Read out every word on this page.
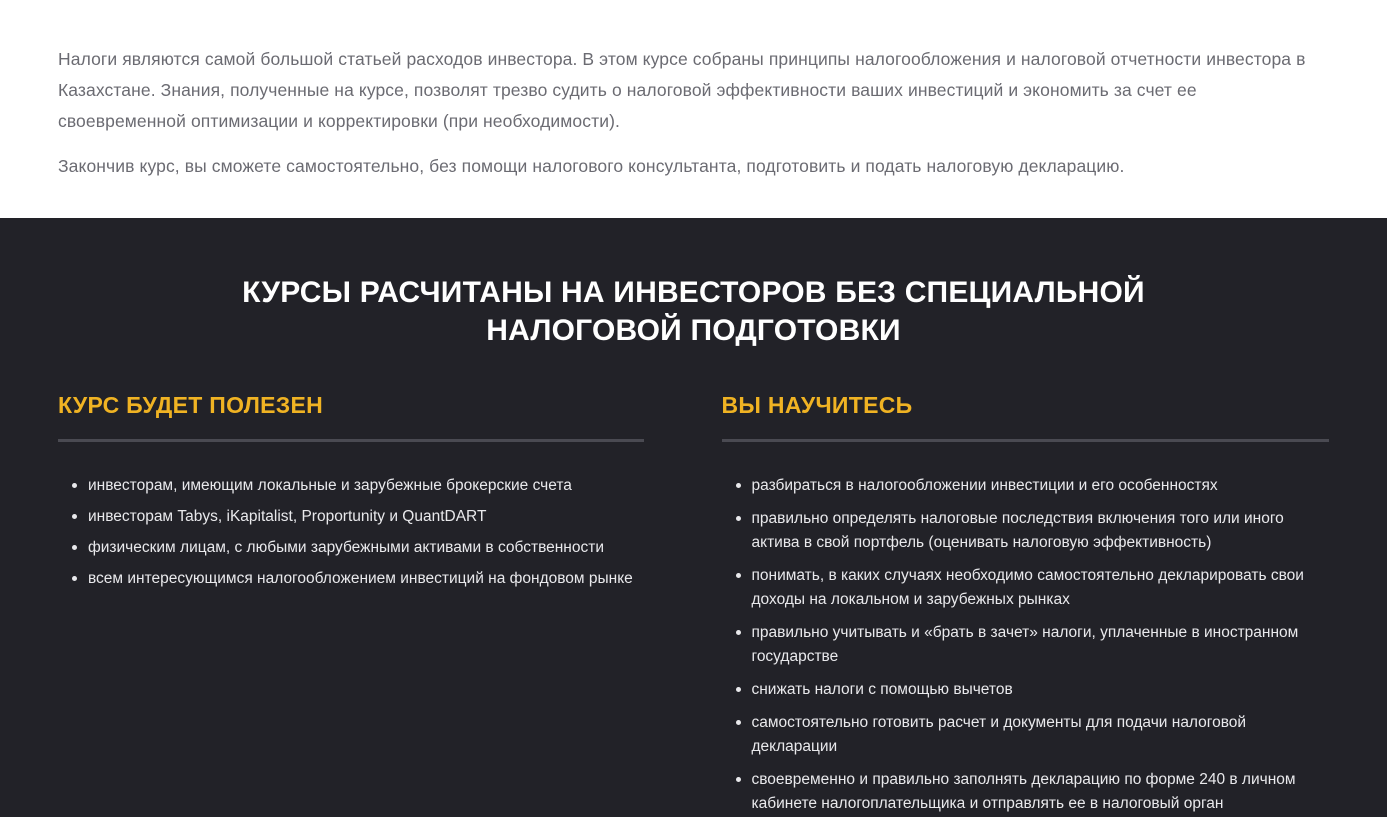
Налоги являются самой большой статьей расходов инвестора. В этом курсе собраны принципы налогообложения и налоговой отчетности инвестора в Казахстане. Знания, полученные на курсе, позволят трезво судить о налоговой эффективности ваших инвестиций и экономить за счет ее своевременной оптимизации и корректировки (при необходимости).

Закончив курс, вы сможете самостоятельно, без помощи налогового консультанта, подготовить и подать налоговую декларацию.

КУРСЫ РАСЧИТАНЫ НА ИНВЕСТОРОВ БЕЗ СПЕЦИАЛЬНОЙ НАЛОГОВОЙ ПОДГОТОВКИ
КУРС БУДЕТ ПОЛЕЗЕН
инвесторам, имеющим локальные и зарубежные брокерские счета
инвесторам Tabys, iKapitalist, Proportunity и QuantDART
физическим лицам, с любыми зарубежными активами в собственности
всем интересующимся налогообложением инвестиций на фондовом рынке
ВЫ НАУЧИТЕСЬ
разбираться в налогообложении инвестиции и его особенностях
правильно определять налоговые последствия включения того или иного актива в свой портфель (оценивать налоговую эффективность)
понимать, в каких случаях необходимо самостоятельно декларировать свои доходы на локальном и зарубежных рынках
правильно учитывать и «брать в зачет» налоги, уплаченные в иностранном государстве
снижать налоги с помощью вычетов
самостоятельно готовить расчет и документы для подачи налоговой декларации
своевременно и правильно заполнять декларацию по форме 240 в личном кабинете налогоплательщика и отправлять ее в налоговый орган
